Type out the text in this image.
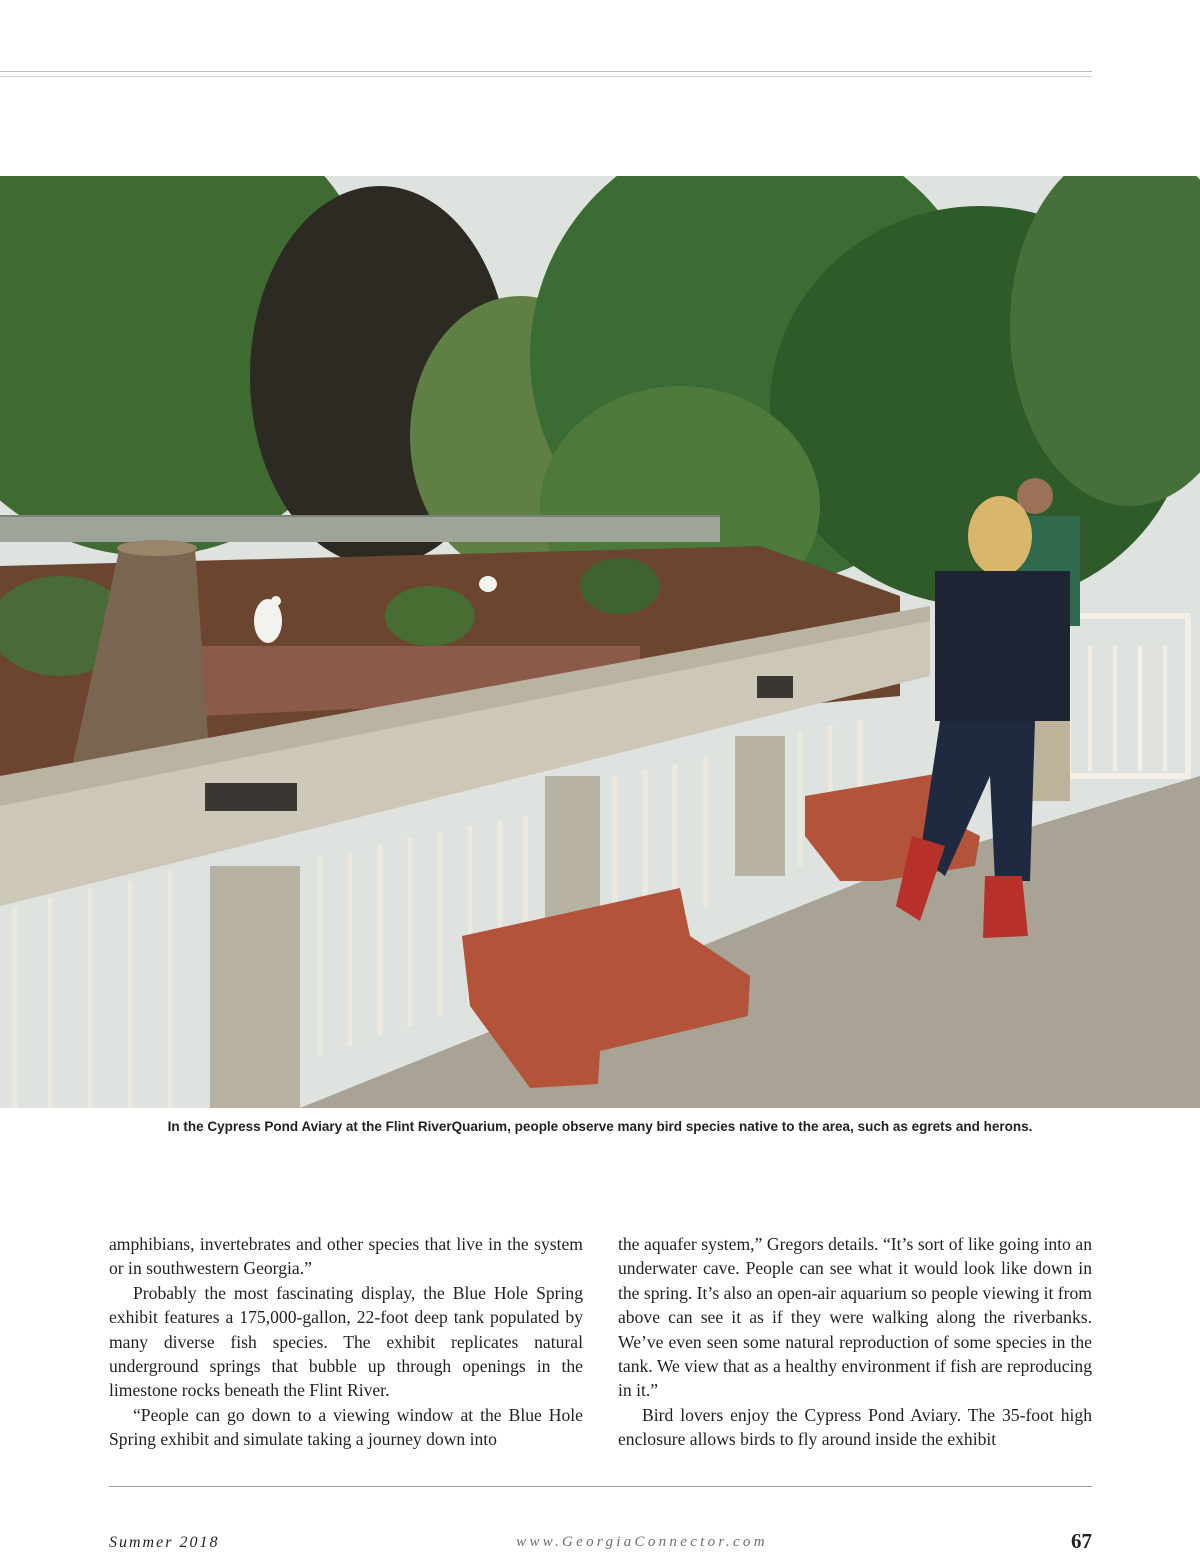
In the Cypress Pond Aviary at the Flint RiverQuarium, people observe many bird species native to the area, such as egrets and herons.

amphibians, invertebrates and other species that live in the system or in southwestern Georgia.”

Probably the most fascinating display, the Blue Hole Spring exhibit features a 175,000-gallon, 22-foot deep tank populated by many diverse fish species. The exhibit replicates natural underground springs that bubble up through openings in the limestone rocks beneath the Flint River.

“People can go down to a viewing window at the Blue Hole Spring exhibit and simulate taking a journey down into

the aquafer system,” Gregors details. “It’s sort of like going into an underwater cave. People can see what it would look like down in the spring. It’s also an open-air aquarium so people viewing it from above can see it as if they were walking along the riverbanks. We’ve even seen some natural reproduction of some species in the tank. We view that as a healthy environment if fish are reproducing in it.”

Bird lovers enjoy the Cypress Pond Aviary. The 35-foot high enclosure allows birds to fly around inside the exhibit

Summer 2018	www.GeorgiaConnector.com	67
